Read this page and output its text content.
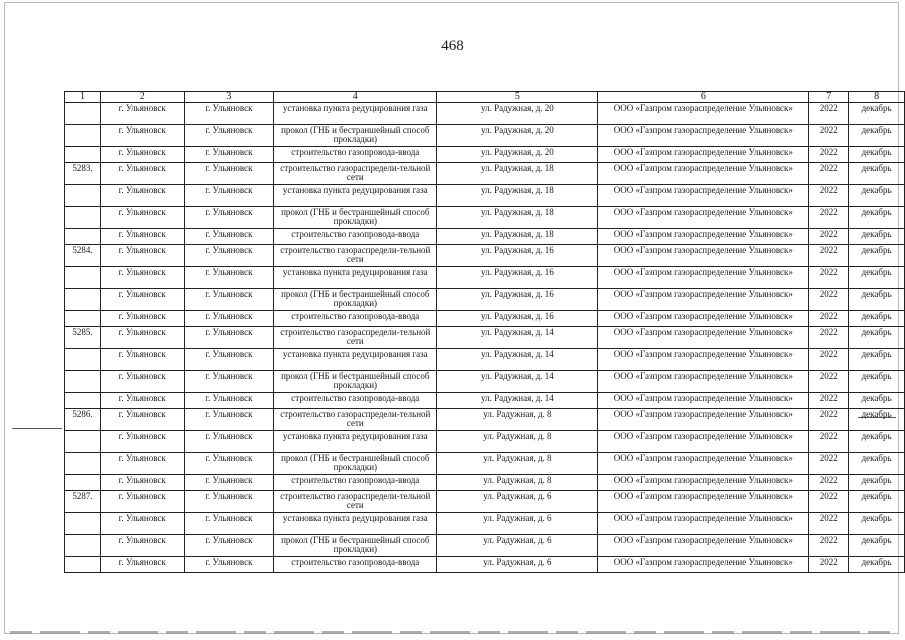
468
1	2	3	4	5	6	7	8
	г. Ульяновск	г. Ульяновск	установка пункта редуцирования газа	ул. Радужная, д. 20	ООО «Газпром газораспределение Ульяновск»	2022	декабрь
	г. Ульяновск	г. Ульяновск	прокол (ГНБ и бестраншейный способ прокладки)	ул. Радужная, д. 20	ООО «Газпром газораспределение Ульяновск»	2022	декабрь
	г. Ульяновск	г. Ульяновск	строительство газопровода-ввода	ул. Радужная, д. 20	ООО «Газпром газораспределение Ульяновск»	2022	декабрь
5283.	г. Ульяновск	г. Ульяновск	строительство газораспредели-тельной сети	ул. Радужная, д. 18	ООО «Газпром газораспределение Ульяновск»	2022	декабрь
	г. Ульяновск	г. Ульяновск	установка пункта редуцирования газа	ул. Радужная, д. 18	ООО «Газпром газораспределение Ульяновск»	2022	декабрь
	г. Ульяновск	г. Ульяновск	прокол (ГНБ и бестраншейный способ прокладки)	ул. Радужная, д. 18	ООО «Газпром газораспределение Ульяновск»	2022	декабрь
	г. Ульяновск	г. Ульяновск	строительство газопровода-ввода	ул. Радужная, д. 18	ООО «Газпром газораспределение Ульяновск»	2022	декабрь
5284.	г. Ульяновск	г. Ульяновск	строительство газораспредели-тельной сети	ул. Радужная, д. 16	ООО «Газпром газораспределение Ульяновск»	2022	декабрь
	г. Ульяновск	г. Ульяновск	установка пункта редуцирования газа	ул. Радужная, д. 16	ООО «Газпром газораспределение Ульяновск»	2022	декабрь
	г. Ульяновск	г. Ульяновск	прокол (ГНБ и бестраншейный способ прокладки)	ул. Радужная, д. 16	ООО «Газпром газораспределение Ульяновск»	2022	декабрь
	г. Ульяновск	г. Ульяновск	строительство газопровода-ввода	ул. Радужная, д. 16	ООО «Газпром газораспределение Ульяновск»	2022	декабрь
5285.	г. Ульяновск	г. Ульяновск	строительство газораспредели-тельной сети	ул. Радужная, д. 14	ООО «Газпром газораспределение Ульяновск»	2022	декабрь
	г. Ульяновск	г. Ульяновск	установка пункта редуцирования газа	ул. Радужная, д. 14	ООО «Газпром газораспределение Ульяновск»	2022	декабрь
	г. Ульяновск	г. Ульяновск	прокол (ГНБ и бестраншейный способ прокладки)	ул. Радужная, д. 14	ООО «Газпром газораспределение Ульяновск»	2022	декабрь
	г. Ульяновск	г. Ульяновск	строительство газопровода-ввода	ул. Радужная, д. 14	ООО «Газпром газораспределение Ульяновск»	2022	декабрь
5286.	г. Ульяновск	г. Ульяновск	строительство газораспредели-тельной сети	ул. Радужная, д. 8	ООО «Газпром газораспределение Ульяновск»	2022	декабрь
	г. Ульяновск	г. Ульяновск	установка пункта редуцирования газа	ул. Радужная, д. 8	ООО «Газпром газораспределение Ульяновск»	2022	декабрь
	г. Ульяновск	г. Ульяновск	прокол (ГНБ и бестраншейный способ прокладки)	ул. Радужная, д. 8	ООО «Газпром газораспределение Ульяновск»	2022	декабрь
	г. Ульяновск	г. Ульяновск	строительство газопровода-ввода	ул. Радужная, д. 8	ООО «Газпром газораспределение Ульяновск»	2022	декабрь
5287.	г. Ульяновск	г. Ульяновск	строительство газораспредели-тельной сети	ул. Радужная, д. 6	ООО «Газпром газораспределение Ульяновск»	2022	декабрь
	г. Ульяновск	г. Ульяновск	установка пункта редуцирования газа	ул. Радужная, д. 6	ООО «Газпром газораспределение Ульяновск»	2022	декабрь
	г. Ульяновск	г. Ульяновск	прокол (ГНБ и бестраншейный способ прокладки)	ул. Радужная, д. 6	ООО «Газпром газораспределение Ульяновск»	2022	декабрь
	г. Ульяновск	г. Ульяновск	строительство газопровода-ввода	ул. Радужная, д. 6	ООО «Газпром газораспределение Ульяновск»	2022	декабрь
